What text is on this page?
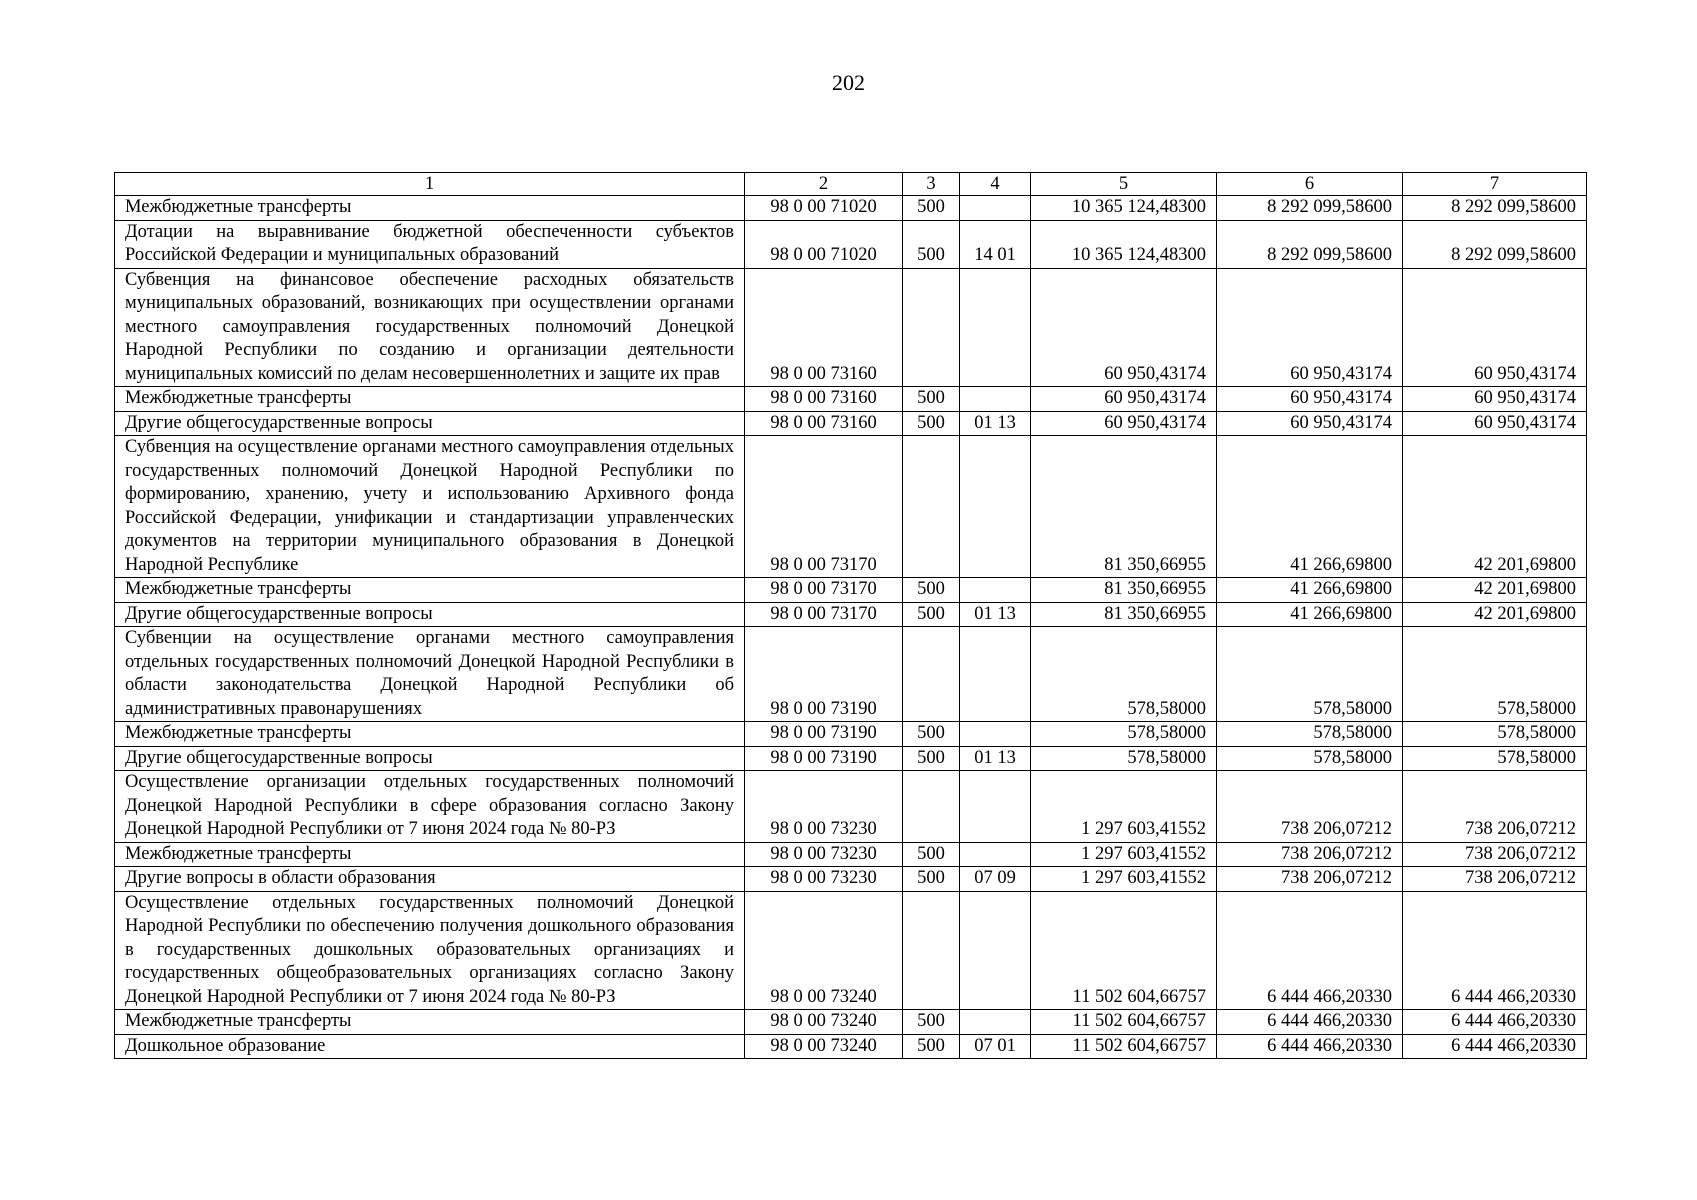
202
1	2	3	4	5	6	7
Межбюджетные трансферты	98 0 00 71020	500		10 365 124,48300	8 292 099,58600	8 292 099,58600
Дотации на выравнивание бюджетной обеспеченности субъектов Российской Федерации и муниципальных образований	98 0 00 71020	500	14 01	10 365 124,48300	8 292 099,58600	8 292 099,58600
Субвенция на финансовое обеспечение расходных обязательств муниципальных образований, возникающих при осуществлении органами местного самоуправления государственных полномочий Донецкой Народной Республики по созданию и организации деятельности муниципальных комиссий по делам несовершеннолетних и защите их прав	98 0 00 73160			60 950,43174	60 950,43174	60 950,43174
Межбюджетные трансферты	98 0 00 73160	500		60 950,43174	60 950,43174	60 950,43174
Другие общегосударственные вопросы	98 0 00 73160	500	01 13	60 950,43174	60 950,43174	60 950,43174
Субвенция на осуществление органами местного самоуправления отдельных государственных полномочий Донецкой Народной Республики по формированию, хранению, учету и использованию Архивного фонда Российской Федерации, унификации и стандартизации управленческих документов на территории муниципального образования в Донецкой Народной Республике	98 0 00 73170			81 350,66955	41 266,69800	42 201,69800
Межбюджетные трансферты	98 0 00 73170	500		81 350,66955	41 266,69800	42 201,69800
Другие общегосударственные вопросы	98 0 00 73170	500	01 13	81 350,66955	41 266,69800	42 201,69800
Субвенции на осуществление органами местного самоуправления отдельных государственных полномочий Донецкой Народной Республики в области законодательства Донецкой Народной Республики об административных правонарушениях	98 0 00 73190			578,58000	578,58000	578,58000
Межбюджетные трансферты	98 0 00 73190	500		578,58000	578,58000	578,58000
Другие общегосударственные вопросы	98 0 00 73190	500	01 13	578,58000	578,58000	578,58000
Осуществление организации отдельных государственных полномочий Донецкой Народной Республики в сфере образования согласно Закону Донецкой Народной Республики от 7 июня 2024 года № 80-РЗ	98 0 00 73230			1 297 603,41552	738 206,07212	738 206,07212
Межбюджетные трансферты	98 0 00 73230	500		1 297 603,41552	738 206,07212	738 206,07212
Другие вопросы в области образования	98 0 00 73230	500	07 09	1 297 603,41552	738 206,07212	738 206,07212
Осуществление отдельных государственных полномочий Донецкой Народной Республики по обеспечению получения дошкольного образования в государственных дошкольных образовательных организациях и государственных общеобразовательных организациях согласно Закону Донецкой Народной Республики от 7 июня 2024 года № 80-РЗ	98 0 00 73240			11 502 604,66757	6 444 466,20330	6 444 466,20330
Межбюджетные трансферты	98 0 00 73240	500		11 502 604,66757	6 444 466,20330	6 444 466,20330
Дошкольное образование	98 0 00 73240	500	07 01	11 502 604,66757	6 444 466,20330	6 444 466,20330
